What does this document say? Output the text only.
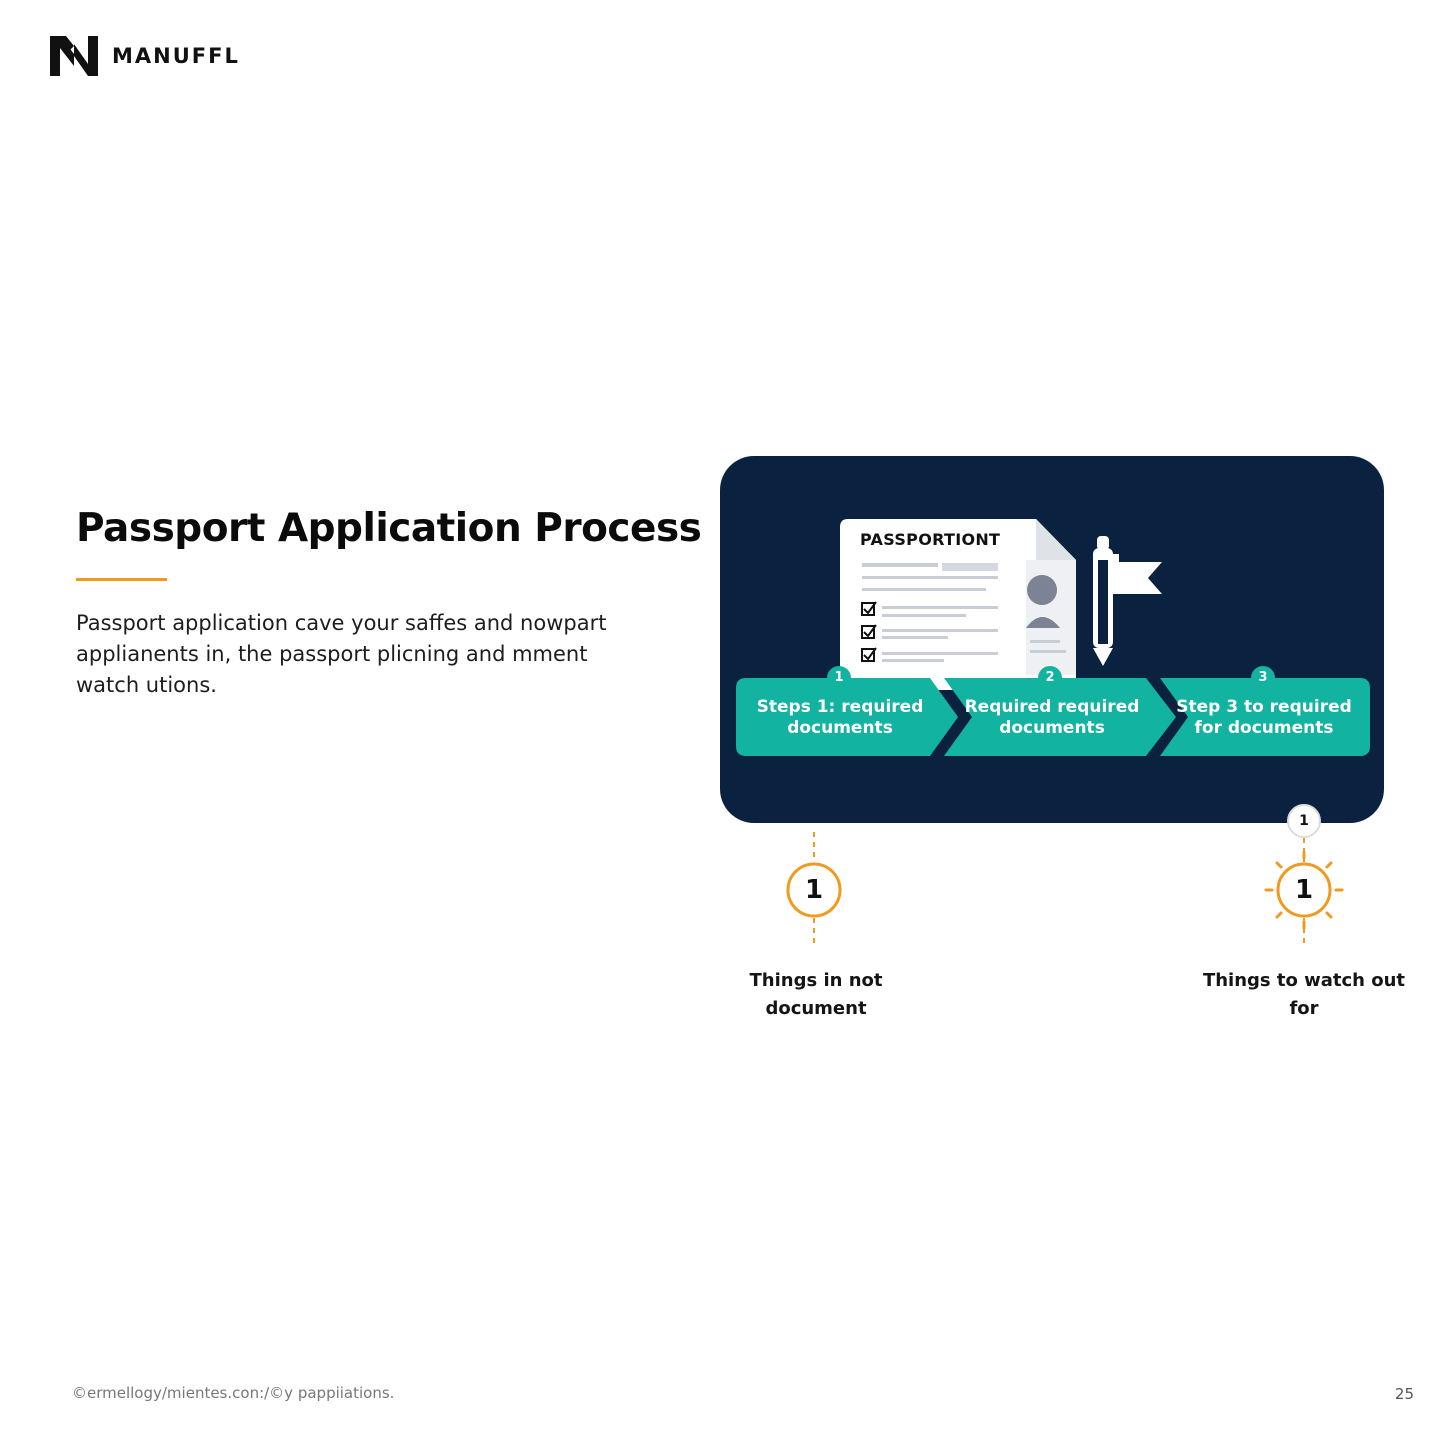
MANUFFL
Passport Application Process

Passport application cave your saffes and nowpart applianents in, the passport plicning and mment watch utions.

PASSPORTIONT
1	2	3
Steps 1: required documents
Required required documents
Step 3 to required for documents
1
1	1
Things in not document
Things to watch out for
©ermellogy/mientes.con:/©y pappiiations.	25
